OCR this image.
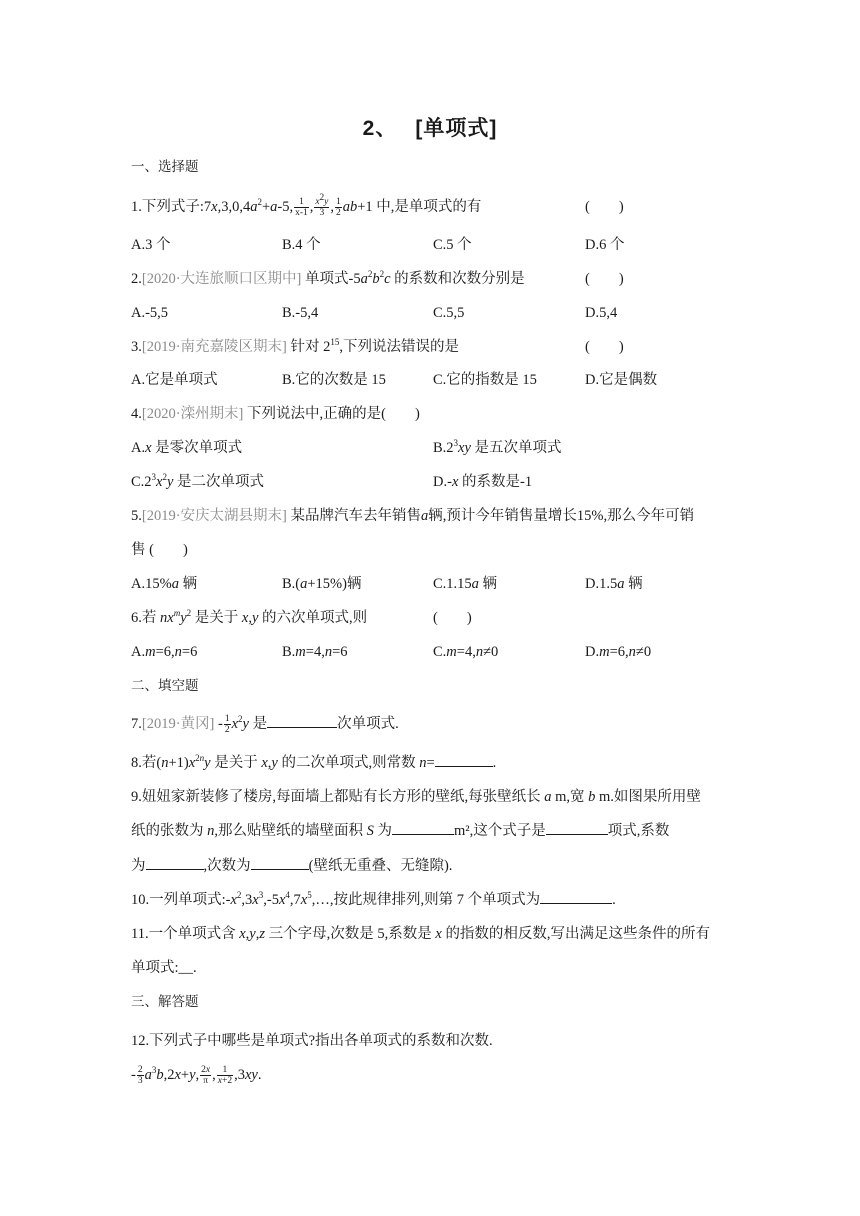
2、 [单项式]
一、选择题
1.下列式子$:7x,3,0,4a^2+a-5$, $\frac{1}{x-1}$ , $\frac{x^2y}{3}$ , $\frac{1}{2} ab+1$ 中,是单项式的有	(　　)
A.3 个	B.4 个	C.5 个	D.6 个
2.[2020·大连旅顺口区期中] 单项式$-5a^2b^2c$ 的系数和次数分别是	(　　)
A.-5,5	B.-5,4	C.5,5	D.5,4
3.[2019·南充嘉陵区期末] 针对 $2^{15}$,下列说法错误的是	(　　)
A.它是单项式	B.它的次数是 15	C.它的指数是 15	D.它是偶数
4.[2020·滦州期末] 下列说法中,正确的是(　　)
A.x 是零次单项式	$B.2^3xy$ 是五次单项式
$C.2^3x^2y$ 是二次单项式	D.-x 的系数是-1
5.[2019·安庆太湖县期末] 某品牌汽车去年销售a辆,预计今年销售量增长15%,那么今年可销
售 (　　)
A.15%a 辆	B.(a+15%)辆	C.1.15a 辆	D.1.5a 辆
6.若 $nx^my^2$ 是关于 x,y 的六次单项式,则	(　　)
A.m=6,n=6	B.m=4,n=6	C.m=4,n≠0	D.m=6,n≠0
二、填空题
7.[2019·黄冈] - $\frac{1}{2} x^2y$ 是	次单项式.
8.若$(n+1)x^{2n}y$ 是关于 x,y 的二次单项式,则常数 n=	.
9.妞妞家新装修了楼房,每面墙上都贴有长方形的壁纸,每张壁纸长 a m,宽 b m.如图果所用壁
纸的张数为 n,那么贴壁纸的墙壁面积 S 为	m²,这个式子是	项式,系数
为	,次数为	(壁纸无重叠、无缝隙).
10.一列单项式$:-x^2,3x^3,-5x^4,7x^5,\dots$,按此规律排列,则第 7 个单项式为	.
11.一个单项式含 x,y,z 三个字母,次数是 5,系数是 x 的指数的相反数,写出满足这些条件的所有
单项式:__.
三、解答题
12.下列式子中哪些是单项式?指出各单项式的系数和次数.
- $\frac{2}{3} a^3b,2x+y$, $\frac{2x}{\pi}$ , $\frac{1}{x+2} ,3xy$.
